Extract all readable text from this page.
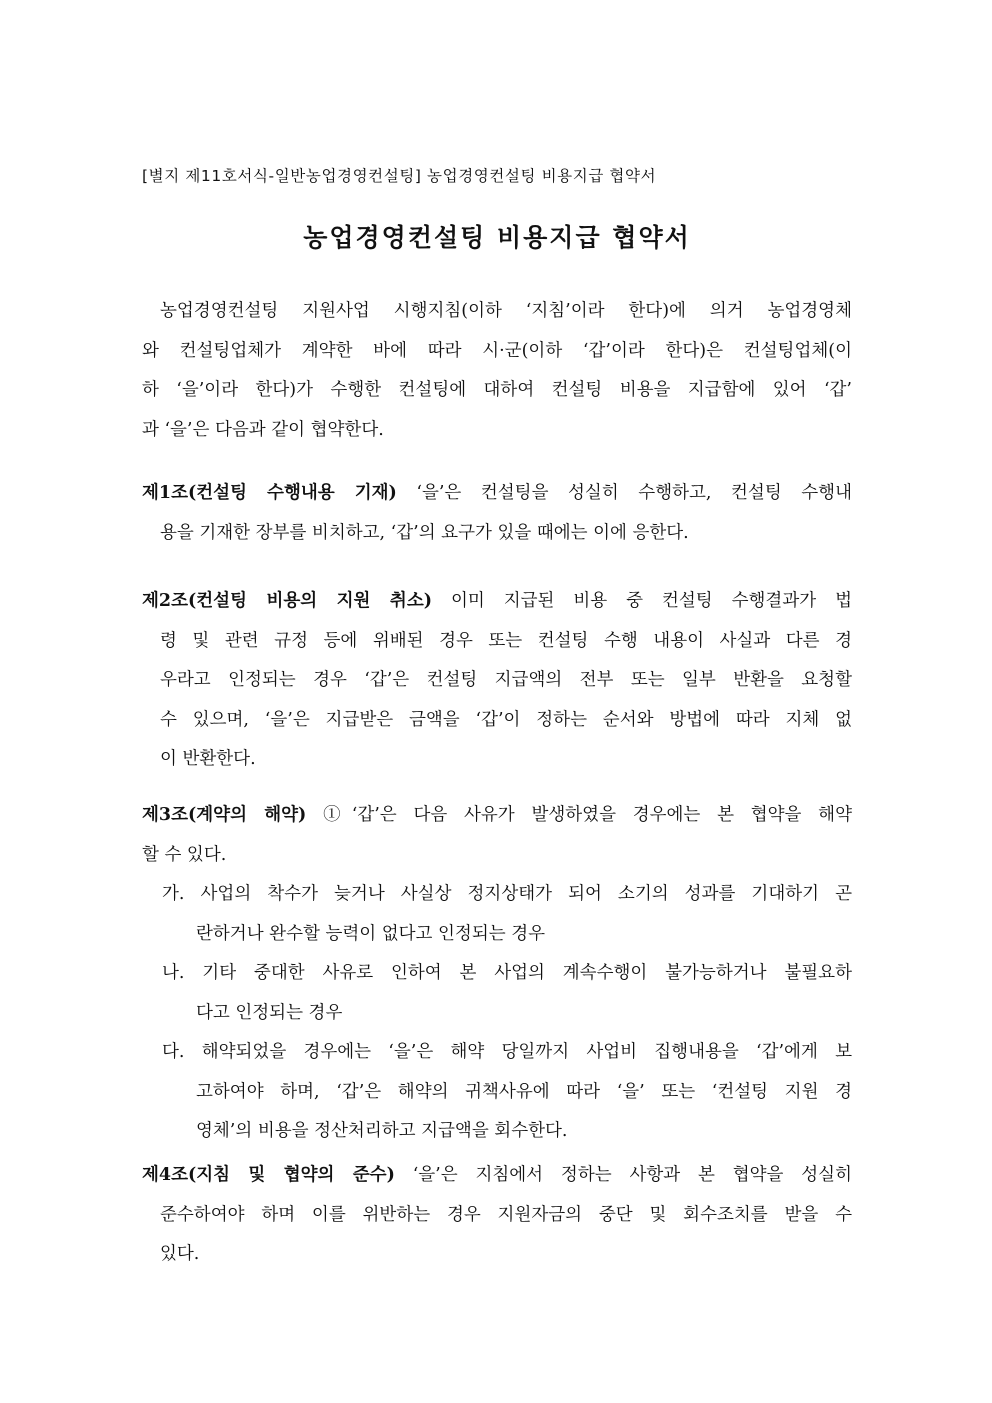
[별지 제11호서식-일반농업경영컨설팅] 농업경영컨설팅 비용지급 협약서
농업경영컨설팅 비용지급 협약서
농업경영컨설팅 지원사업 시행지침(이하 ‘지침’이라 한다)에 의거 농업경영체
와 컨설팅업체가 계약한 바에 따라 시·군(이하 ‘갑’이라 한다)은 컨설팅업체(이
하 ‘을’이라 한다)가 수행한 컨설팅에 대하여 컨설팅 비용을 지급함에 있어 ‘갑’
과 ‘을’은 다음과 같이 협약한다.
제1조(컨설팅 수행내용 기재) ‘을’은 컨설팅을 성실히 수행하고, 컨설팅 수행내
용을 기재한 장부를 비치하고, ‘갑’의 요구가 있을 때에는 이에 응한다.
제2조(컨설팅 비용의 지원 취소) 이미 지급된 비용 중 컨설팅 수행결과가 법
령 및 관련 규정 등에 위배된 경우 또는 컨설팅 수행 내용이 사실과 다른 경
우라고 인정되는 경우 ‘갑’은 컨설팅 지급액의 전부 또는 일부 반환을 요청할
수 있으며, ‘을’은 지급받은 금액을 ‘갑’이 정하는 순서와 방법에 따라 지체 없
이 반환한다.
제3조(계약의 해약) ①‘갑’은 다음 사유가 발생하였을 경우에는 본 협약을 해약
할 수 있다.
가. 사업의 착수가 늦거나 사실상 정지상태가 되어 소기의 성과를 기대하기 곤
란하거나 완수할 능력이 없다고 인정되는 경우
나. 기타 중대한 사유로 인하여 본 사업의 계속수행이 불가능하거나 불필요하
다고 인정되는 경우
다. 해약되었을 경우에는 ‘을’은 해약 당일까지 사업비 집행내용을 ‘갑’에게 보
고하여야 하며, ‘갑’은 해약의 귀책사유에 따라 ‘을’ 또는 ‘컨설팅 지원 경
영체’의 비용을 정산처리하고 지급액을 회수한다.
제4조(지침 및 협약의 준수) ‘을’은 지침에서 정하는 사항과 본 협약을 성실히
준수하여야 하며 이를 위반하는 경우 지원자금의 중단 및 회수조치를 받을 수
있다.
